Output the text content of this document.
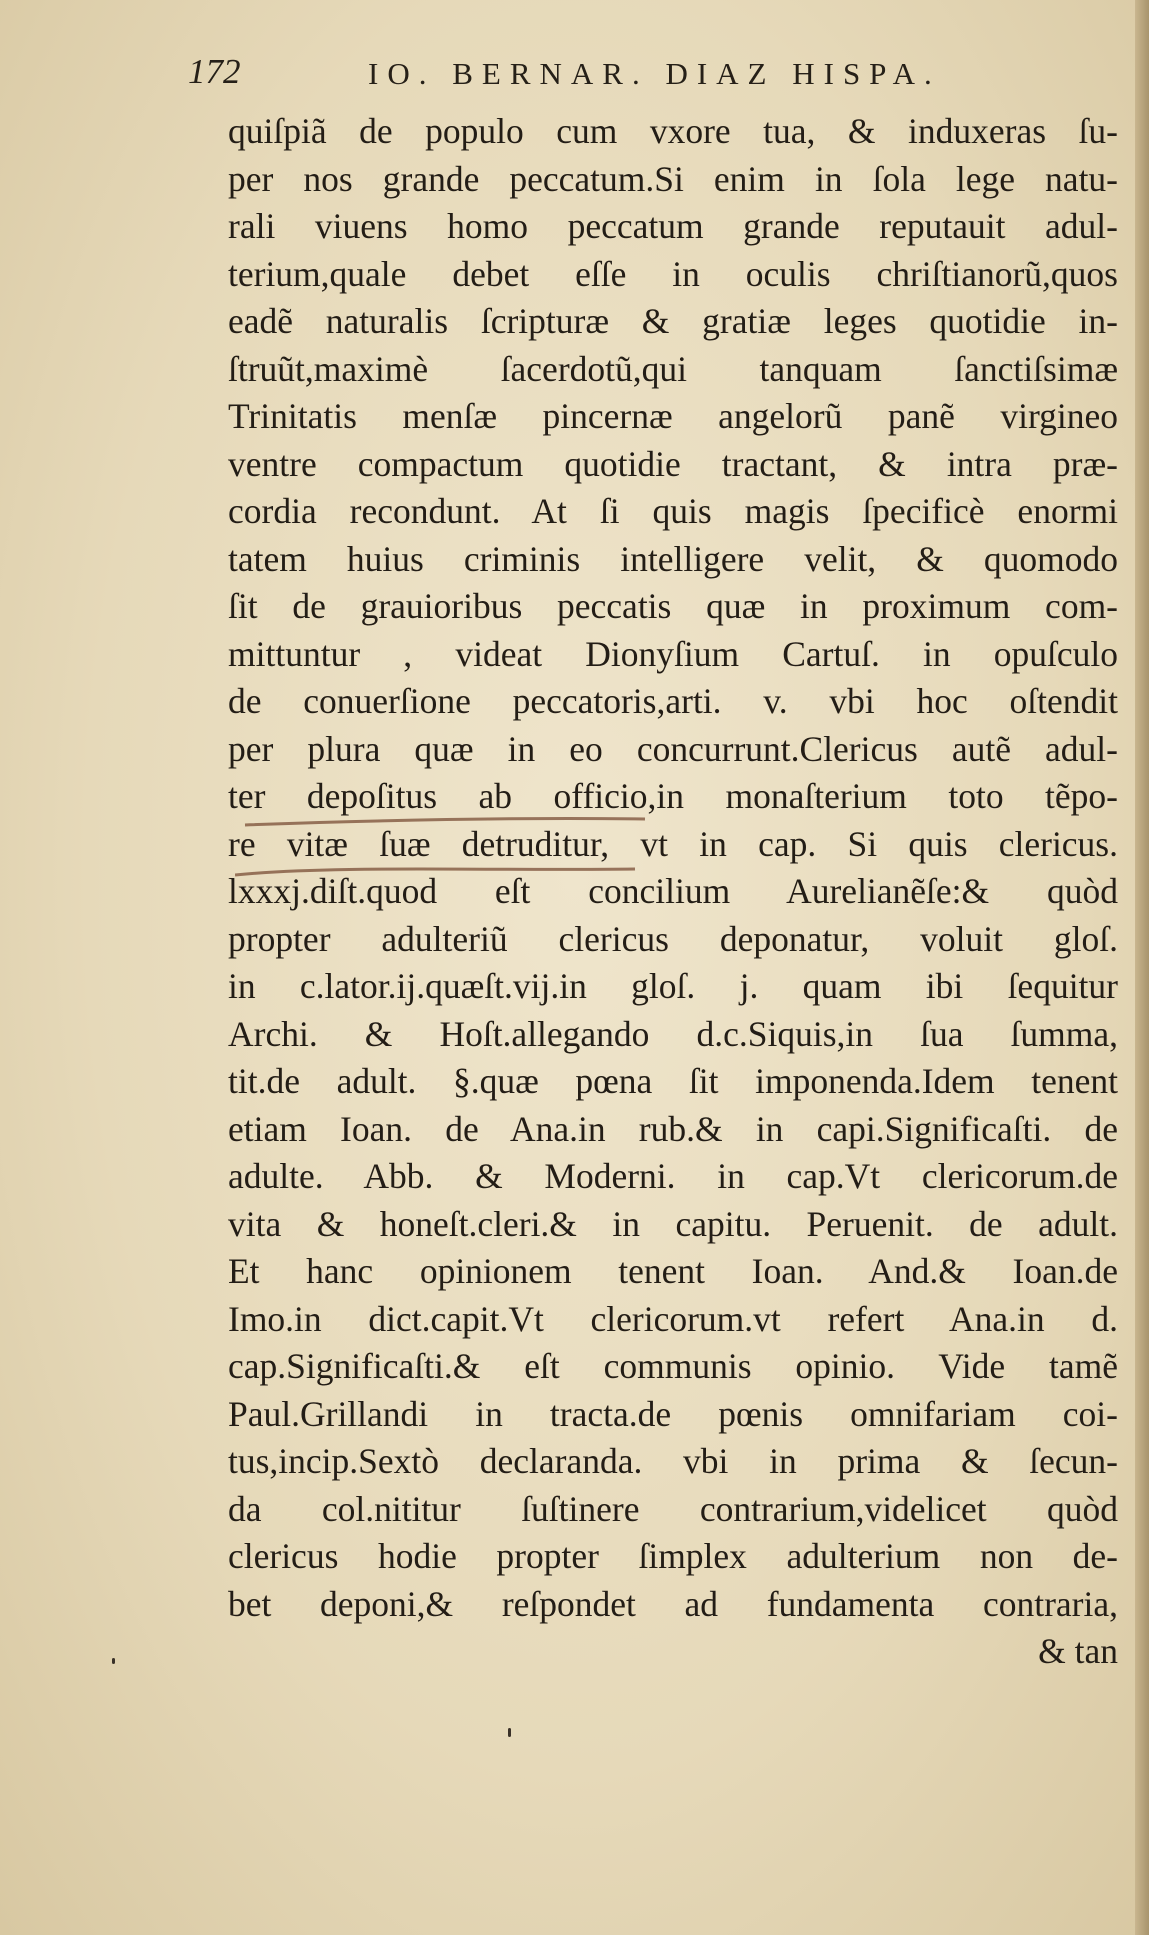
172	IO. BERNAR. DIAZ HISPA.
quiſpiã de populo cum vxore tua, & induxeras ſu-
per nos grande peccatum.Si enim in ſola lege natu-
rali viuens homo peccatum grande reputauit adul-
terium,quale debet eſſe in oculis chriſtianorũ,quos
eadẽ naturalis ſcripturæ & gratiæ leges quotidie in-
ſtruũt,maximè ſacerdotũ,qui tanquam ſanctiſsimæ
Trinitatis menſæ pincernæ angelorũ panẽ virgineo
ventre compactum quotidie tractant, & intra præ-
cordia recondunt. At ſi quis magis ſpecificè enormi
tatem huius criminis intelligere velit, & quomodo
ſit de grauioribus peccatis quæ in proximum com-
mittuntur , videat Dionyſium Cartuſ. in opuſculo
de conuerſione peccatoris,arti. v. vbi hoc oſtendit
per plura quæ in eo concurrunt.Clericus autẽ adul-
ter depoſitus ab officio,in monaſterium toto tẽpo-
re vitæ ſuæ detruditur, vt in cap. Si quis clericus.
lxxxj.diſt.quod eſt concilium Aurelianẽſe:& quòd
propter adulteriũ clericus deponatur, voluit gloſ.
in c.lator.ij.quæſt.vij.in gloſ. j. quam ibi ſequitur
Archi. & Hoſt.allegando d.c.Siquis,in ſua ſumma,
tit.de adult. §.quæ pœna ſit imponenda.Idem tenent
etiam Ioan. de Ana.in rub.& in capi.Significaſti. de
adulte. Abb. & Moderni. in cap.Vt clericorum.de
vita & honeſt.cleri.& in capitu. Peruenit. de adult.
Et hanc opinionem tenent Ioan. And.& Ioan.de
Imo.in dict.capit.Vt clericorum.vt refert Ana.in d.
cap.Significaſti.& eſt communis opinio. Vide tamẽ
Paul.Grillandi in tracta.de pœnis omnifariam coi-
tus,incip.Sextò declaranda. vbi in prima & ſecun-
da col.nititur ſuſtinere contrarium,videlicet quòd
clericus hodie propter ſimplex adulterium non de-
bet deponi,& reſpondet ad fundamenta contraria,
& tan
